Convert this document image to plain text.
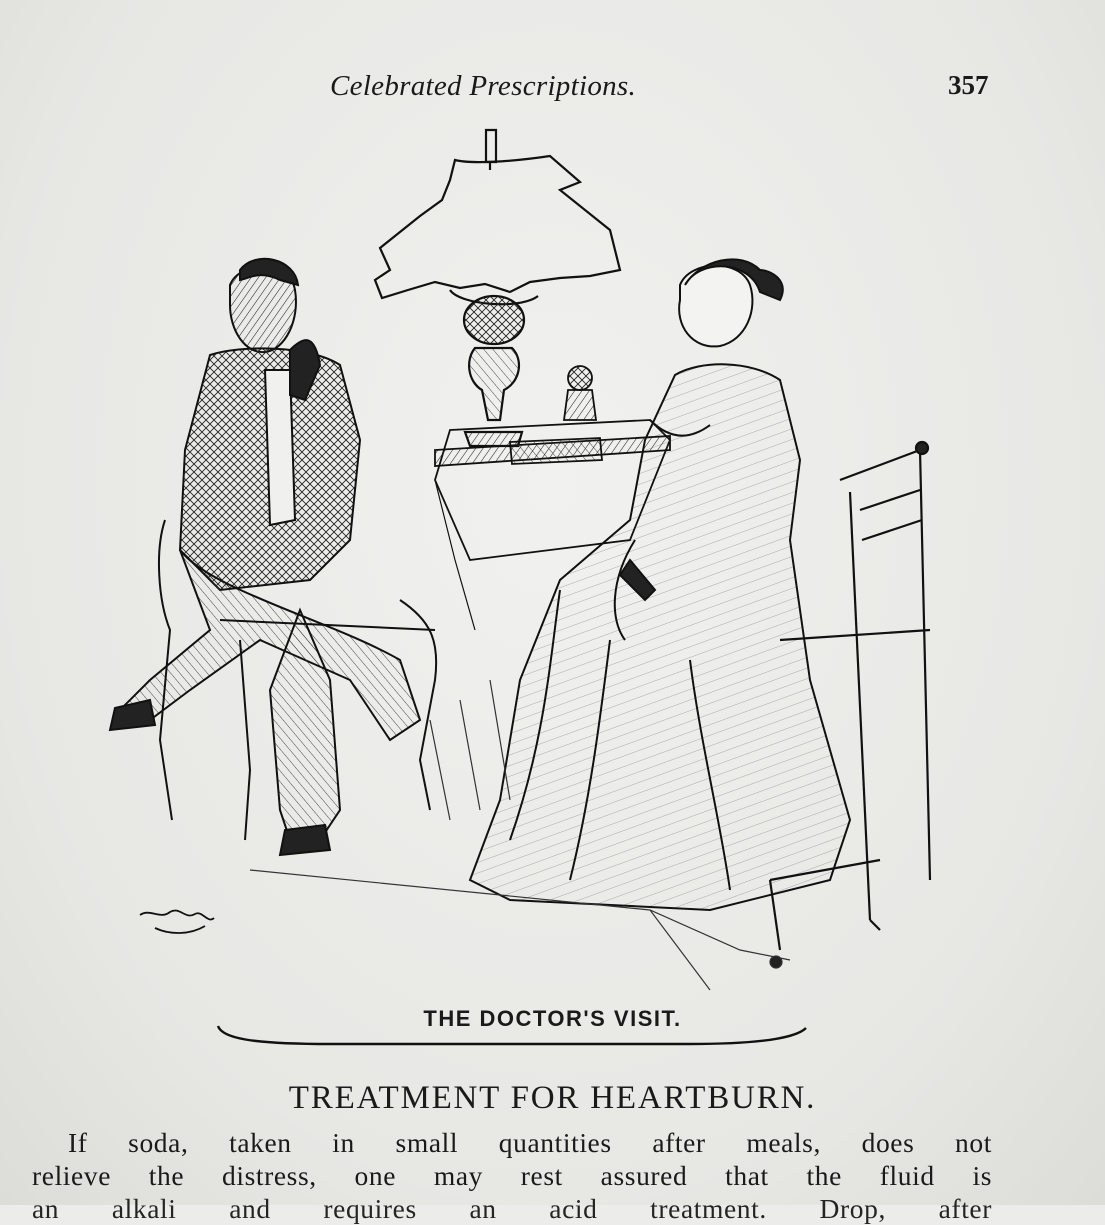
Celebrated Prescriptions.	357
THE DOCTOR'S VISIT.
TREATMENT FOR HEARTBURN.
If soda, taken in small quantities after meals, does not
relieve the distress, one may rest assured that the fluid is
an alkali and requires an acid treatment. Drop, after
